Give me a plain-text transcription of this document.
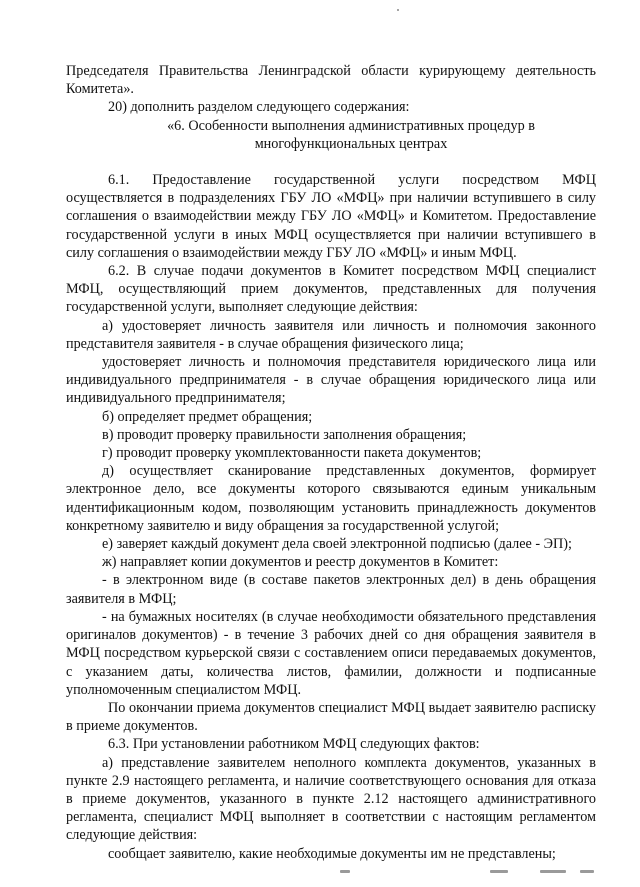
Председателя Правительства Ленинградской области курирующему деятельность Комитета».

20) дополнить разделом следующего содержания:

«6. Особенности выполнения административных процедур в многофункциональных центрах

6.1. Предоставление государственной услуги посредством МФЦ осуществляется в подразделениях ГБУ ЛО «МФЦ» при наличии вступившего в силу соглашения о взаимодействии между ГБУ ЛО «МФЦ» и Комитетом. Предоставление государственной услуги в иных МФЦ осуществляется при наличии вступившего в силу соглашения о взаимодействии между ГБУ ЛО «МФЦ» и иным МФЦ.

6.2. В случае подачи документов в Комитет посредством МФЦ специалист МФЦ, осуществляющий прием документов, представленных для получения государственной услуги, выполняет следующие действия:

а) удостоверяет личность заявителя или личность и полномочия законного представителя заявителя - в случае обращения физического лица;

удостоверяет личность и полномочия представителя юридического лица или индивидуального предпринимателя - в случае обращения юридического лица или индивидуального предпринимателя;

б) определяет предмет обращения;

в) проводит проверку правильности заполнения обращения;

г) проводит проверку укомплектованности пакета документов;

д) осуществляет сканирование представленных документов, формирует электронное дело, все документы которого связываются единым уникальным идентификационным кодом, позволяющим установить принадлежность документов конкретному заявителю и виду обращения за государственной услугой;

е) заверяет каждый документ дела своей электронной подписью (далее - ЭП);

ж) направляет копии документов и реестр документов в Комитет:

- в электронном виде (в составе пакетов электронных дел) в день обращения заявителя в МФЦ;

- на бумажных носителях (в случае необходимости обязательного представления оригиналов документов) - в течение 3 рабочих дней со дня обращения заявителя в МФЦ посредством курьерской связи с составлением описи передаваемых документов, с указанием даты, количества листов, фамилии, должности и подписанные уполномоченным специалистом МФЦ.

По окончании приема документов специалист МФЦ выдает заявителю расписку в приеме документов.

6.3. При установлении работником МФЦ следующих фактов:

а) представление заявителем неполного комплекта документов, указанных в пункте 2.9 настоящего регламента, и наличие соответствующего основания для отказа в приеме документов, указанного в пункте 2.12 настоящего административного регламента, специалист МФЦ выполняет в соответствии с настоящим регламентом следующие действия:

сообщает заявителю, какие необходимые документы им не представлены;
